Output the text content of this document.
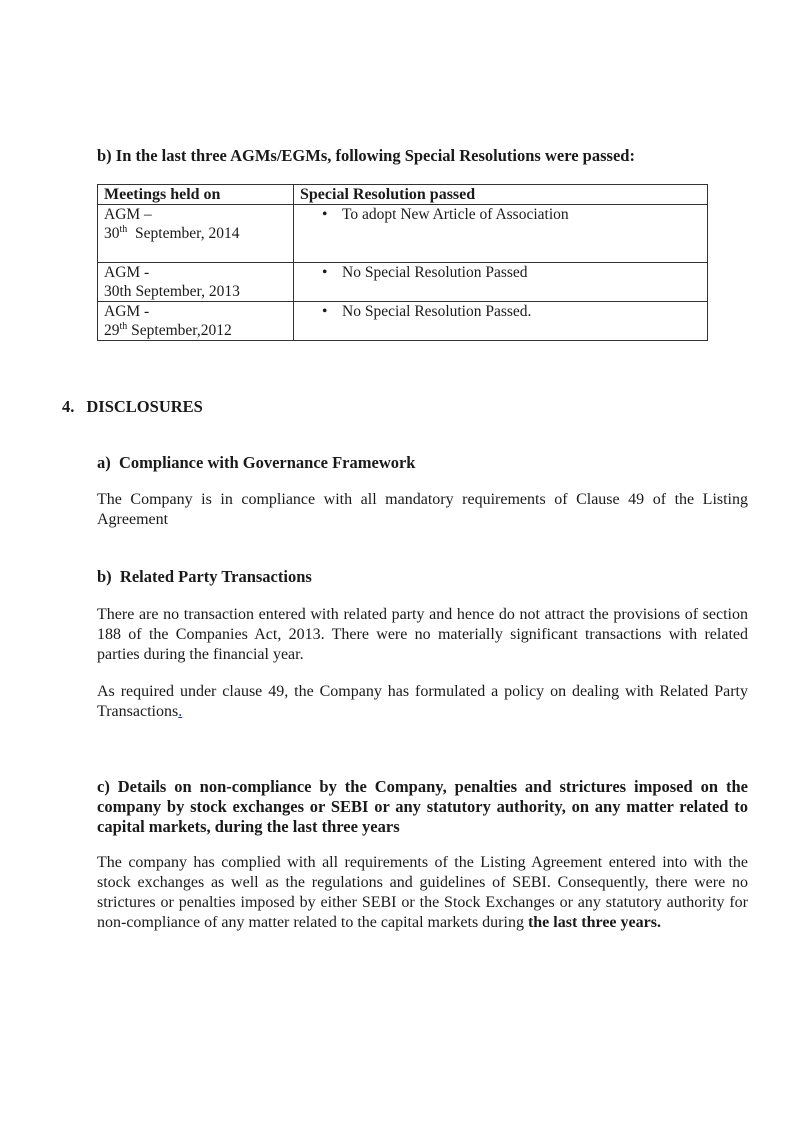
b) In the last three AGMs/EGMs, following Special Resolutions were passed:
Meetings held on	Special Resolution passed

AGM –
30th  September, 2014	• To adopt New Article of Association

AGM -
30th September, 2013	• No Special Resolution Passed

AGM -
29th September,2012	• No Special Resolution Passed.
4. DISCLOSURES
a)  Compliance with Governance Framework
The Company is in compliance with all mandatory requirements of Clause 49 of the Listing Agreement
b)  Related Party Transactions
There are no transaction entered with related party and hence do not attract the provisions of section 188 of the Companies Act, 2013. There were no materially significant transactions with related parties during the financial year.
As required under clause 49, the Company has formulated a policy on dealing with Related Party Transactions.
c) Details on non-compliance by the Company, penalties and strictures imposed on the company by stock exchanges or SEBI or any statutory authority, on any matter related to capital markets, during the last three years
The company has complied with all requirements of the Listing Agreement entered into with the stock exchanges as well as the regulations and guidelines of SEBI. Consequently, there were no strictures or penalties imposed by either SEBI or the Stock Exchanges or any statutory authority for non-compliance of any matter related to the capital markets during the last three years.
